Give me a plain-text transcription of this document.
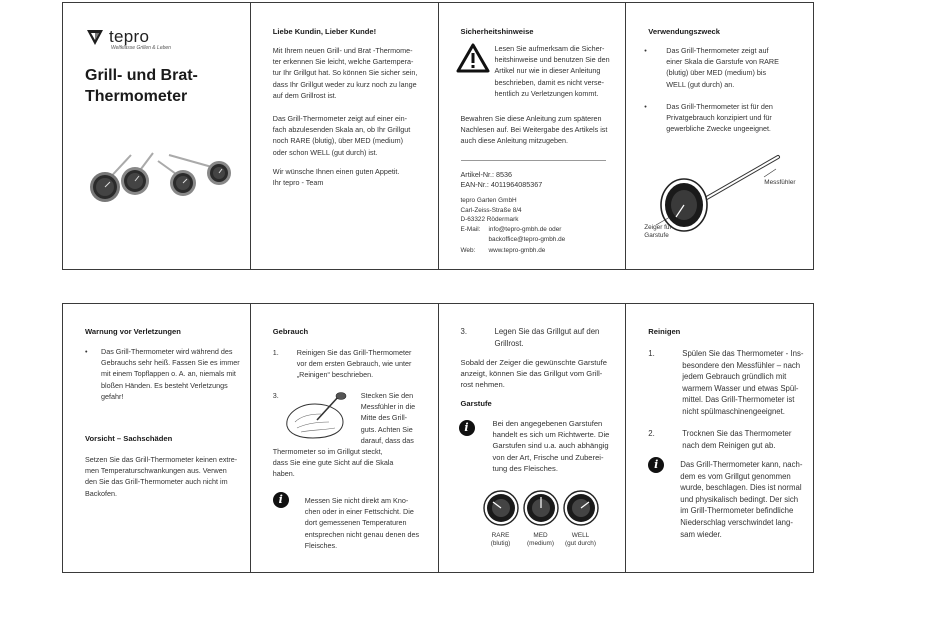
tepro
Weltklasse Grillen & Leben
Grill- und Brat-
Thermometer
Liebe Kundin, Lieber Kunde!
Mit Ihrem neuen Grill- und Brat -Thermome-
ter erkennen Sie leicht, welche Gartempera-
tur Ihr Grillgut hat. So können Sie sicher sein,
dass Ihr Grillgut weder zu kurz noch zu lange
auf dem Grillrost ist.
Das Grill-Thermometer zeigt auf einer ein-
fach abzulesenden Skala an, ob Ihr Grillgut
noch RARE (blutig), über MED (medium)
oder schon WELL (gut durch) ist.
Wir wünsche Ihnen einen guten Appetit.
Ihr tepro - Team
Sicherheitshinweise
Lesen Sie aufmerksam die Sicher-
heitshinweise und benutzen Sie den
Artikel nur wie in dieser Anleitung
beschrieben, damit es nicht verse-
hentlich zu Verletzungen kommt.
Bewahren Sie diese Anleitung zum späteren
Nachlesen auf. Bei Weitergabe des Artikels ist
auch diese Anleitung mitzugeben.
Artikel-Nr.: 8536
EAN-Nr.: 4011964085367
tepro Garten GmbH
Carl-Zeiss-Straße 8/4
D-63322 Rödermark
E-Mail: info@tepro-gmbh.de oder
backoffice@tepro-gmbh.de
Web: www.tepro-gmbh.de
Verwendungszweck
•	Das Grill-Thermometer zeigt auf
einer Skala die Garstufe von RARE
(blutig) über MED (medium) bis
WELL (gut durch) an.
•	Das Grill-Thermometer ist für den
Privatgebrauch konzipiert und für
gewerbliche Zwecke ungeeignet.
Messfühler
Zeiger für
Garstufe
Warnung vor Verletzungen
•	Das Grill-Thermometer wird während des
Gebrauchs sehr heiß. Fassen Sie es immer
mit einem Topflappen o. A. an, niemals mit
bloßen Händen. Es besteht Verletzungs
gefahr!
Vorsicht – Sachschäden
Setzen Sie das Grill-Thermometer keinen extre-
men Temperaturschwankungen aus. Verwen
den Sie das Grill-Thermometer auch nicht im
Backofen.
Gebrauch
1.	Reinigen Sie das Grill-Thermometer
vor dem ersten Gebrauch, wie unter
„Reinigen“ beschrieben.
3.	Stecken Sie den
Messfühler in die
Mitte des Grill-
guts. Achten Sie
darauf, dass das
Thermometer so im Grillgut steckt,
dass Sie eine gute Sicht auf die Skala
haben.
i	Messen Sie nicht direkt am Kno-
chen oder in einer Fettschicht. Die
dort gemessenen Temperaturen
entsprechen nicht genau denen des
Fleisches.
3.	Legen Sie das Grillgut auf den
Grillrost.
Sobald der Zeiger die gewünschte Garstufe
anzeigt, können Sie das Grillgut vom Grill-
rost nehmen.
Garstufe
i	Bei den angegebenen Garstufen
handelt es sich um Richtwerte. Die
Garstufen sind u.a. auch abhängig
von der Art, Frische und Zuberei-
tung des Fleisches.
RARE
(blutig)
MED
(medium)
WELL
(gut durch)
Reinigen
1.	Spülen Sie das Thermometer - Ins-
besondere den Messfühler – nach
jedem Gebrauch gründlich mit
warmem Wasser und etwas Spül-
mittel. Das Grill-Thermometer ist
nicht spülmaschinengeeignet.
2.	Trocknen Sie das Thermometer
nach dem Reinigen gut ab.
i	Das Grill-Thermometer kann, nach-
dem es vom Grillgut genommen
wurde, beschlagen. Dies ist normal
und physikalisch bedingt. Der sich
im Grill-Thermometer befindliche
Niederschlag verschwindet lang-
sam wieder.
